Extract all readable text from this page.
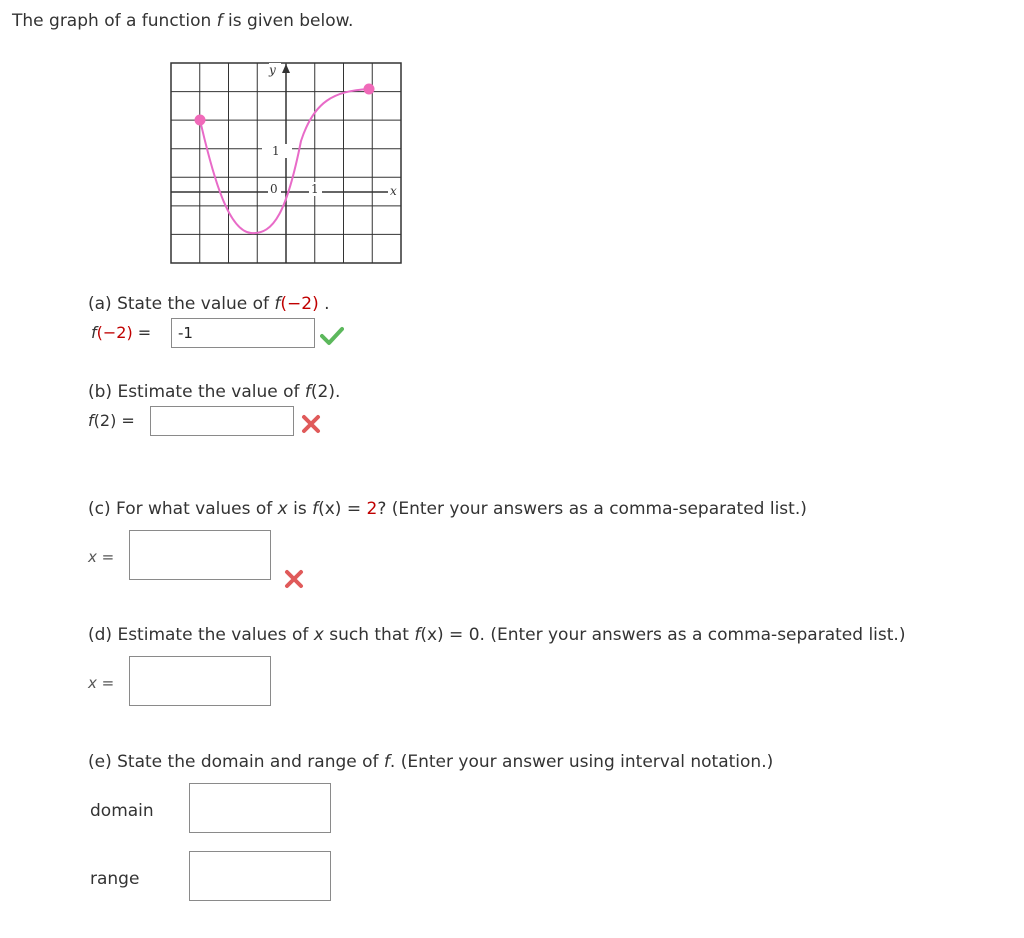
The graph of a function f is given below.
y
1
0	1	x
(a) State the value of f(−2) .
f(−2) =
-1
(b) Estimate the value of f(2).
f(2) =
(c) For what values of x is f(x) = 2? (Enter your answers as a comma-separated list.)
x =
(d) Estimate the values of x such that f(x) = 0. (Enter your answers as a comma-separated list.)
x =
(e) State the domain and range of f. (Enter your answer using interval notation.)
domain
range
